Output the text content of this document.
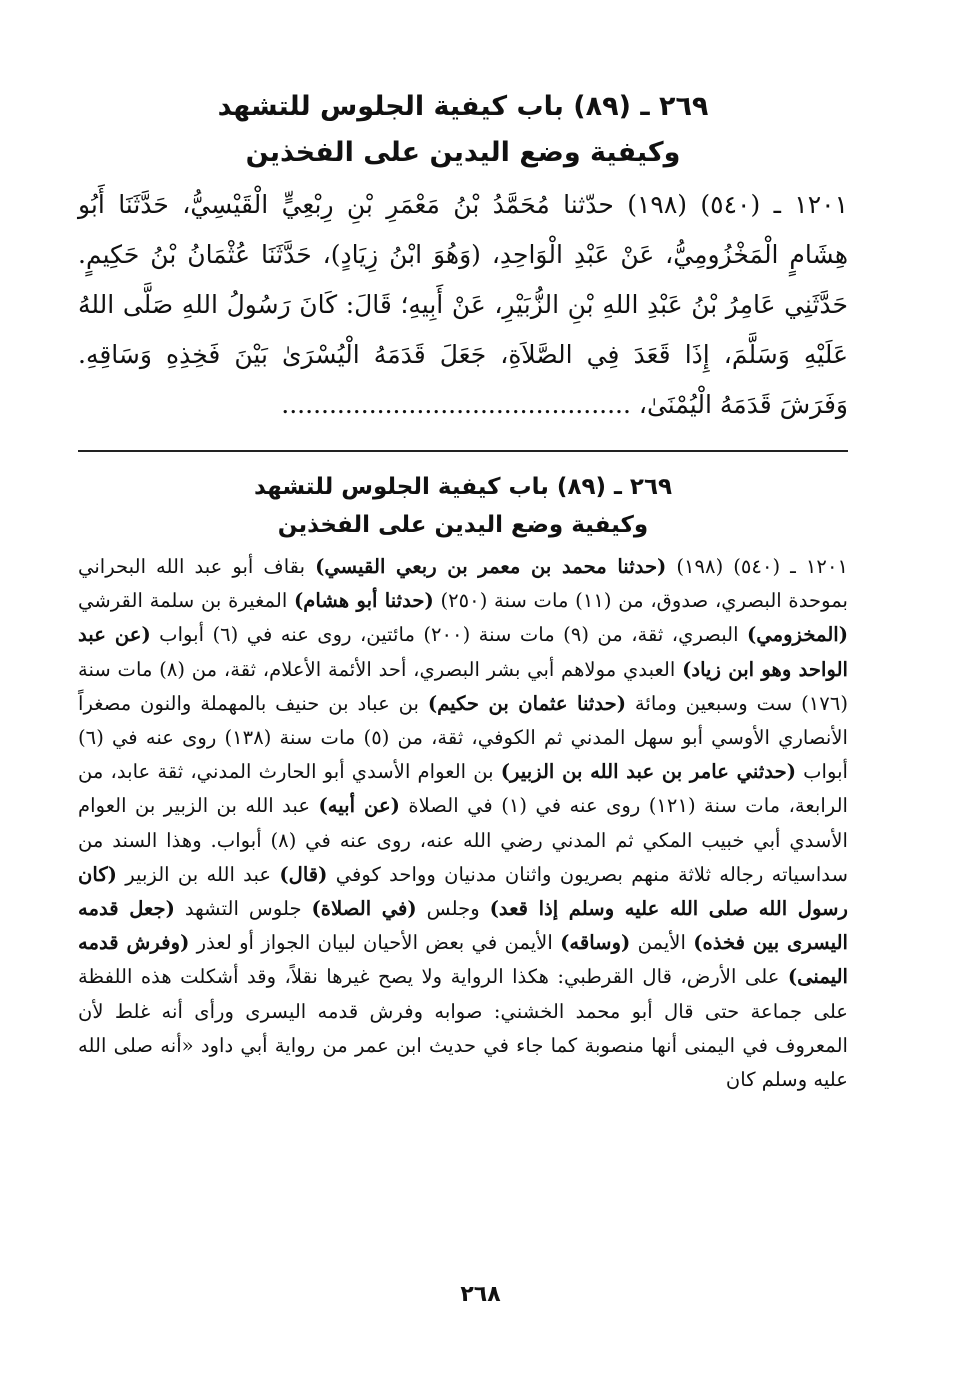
٢٦٩ ـ (٨٩) باب كيفية الجلوس للتشهد
وكيفية وضع اليدين على الفخذين

١٢٠١ ـ (٥٤٠) (١٩٨) حدّثنا مُحَمَّدُ بْنُ مَعْمَرِ بْنِ رِبْعِيٍّ الْقَيْسِيُّ، حَدَّثَنَا أَبُو هِشَامٍ الْمَخْزُومِيُّ، عَنْ عَبْدِ الْوَاحِدِ، (وَهُوَ ابْنُ زِيَادٍ)، حَدَّثَنَا عُثْمَانُ بْنُ حَكِيمٍ. حَدَّثَنِي عَامِرُ بْنُ عَبْدِ اللهِ بْنِ الزُّبَيْرِ، عَنْ أَبِيهِ؛ قَالَ: كَانَ رَسُولُ اللهِ صَلَّى اللهُ عَلَيْهِ وَسَلَّمَ، إِذَا قَعَدَ فِي الصَّلاَةِ، جَعَلَ قَدَمَهُ الْيُسْرَىٰ بَيْنَ فَخِذِهِ وَسَاقِهِ. وَفَرَشَ قَدَمَهُ الْيُمْنَىٰ، ............................................

٢٦٩ ـ (٨٩) باب كيفية الجلوس للتشهد
وكيفية وضع اليدين على الفخذين

١٢٠١ ـ (٥٤٠) (١٩٨) (حدثنا محمد بن معمر بن ربعي القيسي) بقاف أبو عبد الله البحراني بموحدة البصري، صدوق، من (١١) مات سنة (٢٥٠) (حدثنا أبو هشام) المغيرة بن سلمة القرشي (المخزومي) البصري، ثقة، من (٩) مات سنة (٢٠٠) مائتين، روى عنه في (٦) أبواب (عن عبد الواحد وهو ابن زياد) العبدي مولاهم أبي بشر البصري، أحد الأئمة الأعلام، ثقة، من (٨) مات سنة (١٧٦) ست وسبعين ومائة (حدثنا عثمان بن حكيم) بن عباد بن حنيف بالمهملة والنون مصغراً الأنصاري الأوسي أبو سهل المدني ثم الكوفي، ثقة، من (٥) مات سنة (١٣٨) روى عنه في (٦) أبواب (حدثني عامر بن عبد الله بن الزبير) بن العوام الأسدي أبو الحارث المدني، ثقة عابد، من الرابعة، مات سنة (١٢١) روى عنه في (١) في الصلاة (عن أبيه) عبد الله بن الزبير بن العوام الأسدي أبي خبيب المكي ثم المدني رضي الله عنه، روى عنه في (٨) أبواب. وهذا السند من سداسياته رجاله ثلاثة منهم بصريون واثنان مدنيان وواحد كوفي (قال) عبد الله بن الزبير (كان رسول الله صلى الله عليه وسلم إذا قعد) وجلس (في الصلاة) جلوس التشهد (جعل قدمه اليسرى بين فخذه) الأيمن (وساقه) الأيمن في بعض الأحيان لبيان الجواز أو لعذر (وفرش قدمه اليمنى) على الأرض، قال القرطبي: هكذا الرواية ولا يصح غيرها نقلاً، وقد أشكلت هذه اللفظة على جماعة حتى قال أبو محمد الخشني: صوابه وفرش قدمه اليسرى ورأى أنه غلط لأن المعروف في اليمنى أنها منصوبة كما جاء في حديث ابن عمر من رواية أبي داود «أنه صلى الله عليه وسلم كان

٢٦٨
